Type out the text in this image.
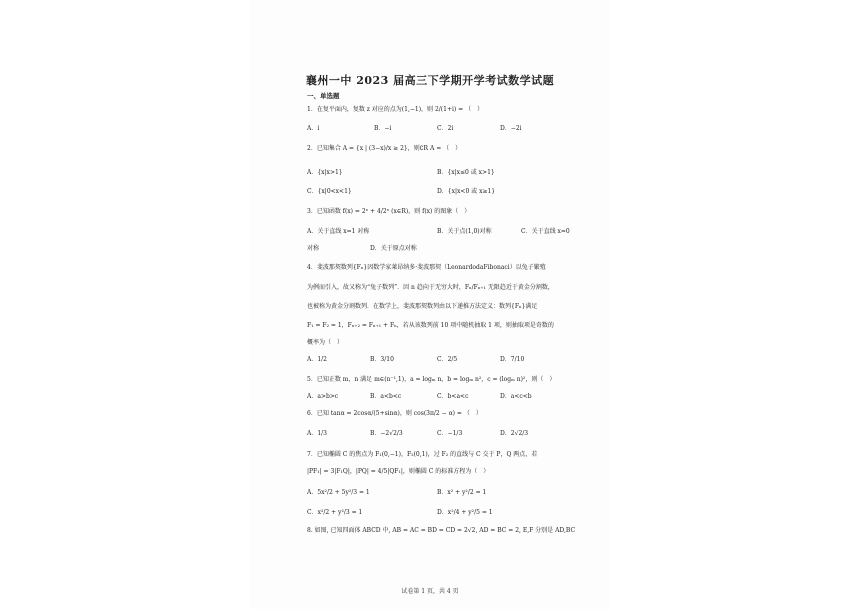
襄州一中 2023 届高三下学期开学考试数学试题
一、单选题
1．在复平面内，复数 z 对应的点为(1,−1)，则 2/(1+i) = （　）
A．i	B．−i	C．2i	D．−2i
2．已知集合 A = {x | (3−x)/x ≥ 2}，则∁R A = （　）
A．{x|x>1}	B．{x|x≤0 或 x>1}
C．{x|0<x<1}	D．{x|x<0 或 x≥1}
3．已知函数 f(x) = 2ˣ + 4/2ˣ (x∈R)，则 f(x) 的图象（　）
A．关于直线 x=1 对称	B．关于点(1,0)对称	C．关于直线 x=0
对称	D．关于原点对称
4．斐波那契数列{Fₙ}因数学家莱昂纳多·斐波那契（LeonardodaFibonaci）以兔子繁殖
为例而引入，故又称为“兔子数列”．因 n 趋向于无穷大时，Fₙ/Fₙ₊₁ 无限趋近于黄金分割数，
也被称为黄金分割数列．在数学上，斐波那契数列由以下递推方法定义：数列{Fₙ}满足
F₁ = F₂ = 1，Fₙ₊₂ = Fₙ₊₁ + Fₙ，若从该数列前 10 项中随机抽取 1 项，则抽取项是奇数的
概率为（　）
A．1/2	B．3/10	C．2/5	D．7/10
5．已知正数 m，n 满足 m∈(n⁻¹,1)，a = logₘ n，b = logₘ n²，c = (logₘ n)²，则（　）
A．a>b>c	B．a<b<c	C．b<a<c	D．a<c<b
6．已知 tanα = 2cosα/(5+sinα)，则 cos(3π/2 − α) = （　）
A．1/3	B．−2√2/3	C．−1/3	D．2√2/3
7．已知椭圆 C 的焦点为 F₁(0,−1)，F₂(0,1)，过 F₂ 的直线与 C 交于 P，Q 两点，若
|PF₁| = 3|F₁Q|，|PQ| = 4/5|QF₁|，则椭圆 C 的标准方程为（　）
A．5x²/2 + 5y²/3 = 1	B．x² + y²/2 = 1
C．x²/2 + y²/3 = 1	D．x²/4 + y²/5 = 1
8. 如图, 已知四面体 ABCD 中, AB = AC = BD = CD = 2√2, AD = BC = 2, E,F 分别是 AD,BC
试卷第 1 页，共 4 页
